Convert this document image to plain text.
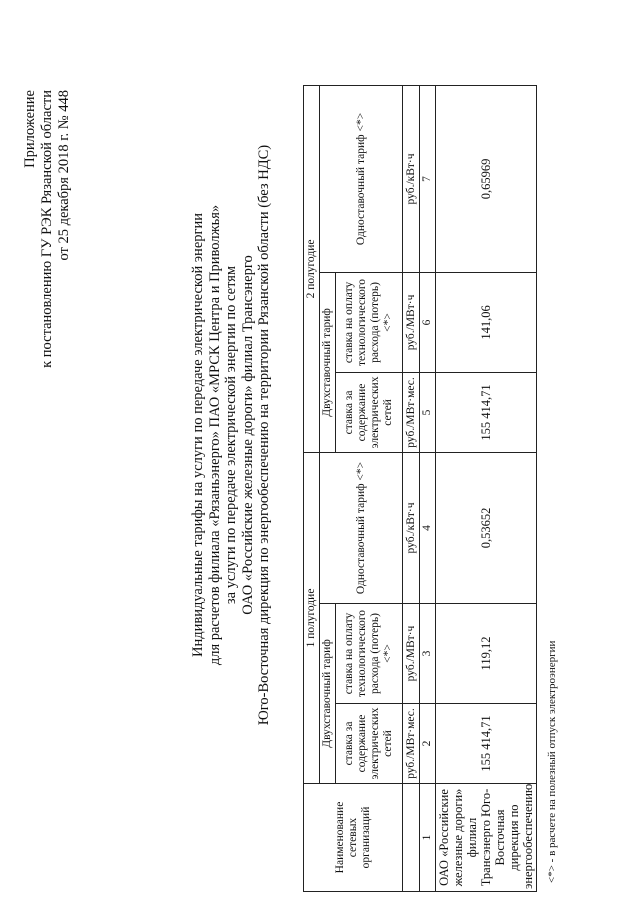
Приложение к постановлению ГУ РЭК Рязанской области от 25 декабря 2018 г. № 448
Индивидуальные тарифы на услуги по передаче электрической энергии для расчетов филиала «Рязаньэнерго» ПАО «МРСК Центра и Приволжья» за услуги по передаче электрической энергии по сетям ОАО «Российские железные дороги» филиал Трансэнерго Юго-Восточная дирекция по энергообеспечению на территории Рязанской области (без НДС)
Наименование сетевых организаций	1 полугодие			2 полугодие		
	Двухставочный тариф		Одноставочный тариф <*>	Двухставочный тариф		Одноставочный тариф <*>
	ставка за содержание электрических сетей	ставка на оплату технологического расхода (потерь) <*>		ставка за содержание электрических сетей	ставка на оплату технологического расхода (потерь) <*>	
	руб./МВт·мес.	руб./МВт·ч	руб./кВт·ч	руб./МВт·мес.	руб./МВт·ч	руб./кВт·ч
1	2	3	4	5	6	7
ОАО «Российские железные дороги» филиал Трансэнерго Юго-Восточная дирекция по энергообеспечению	155 414,71	119,12	0,53652	155 414,71	141,06	0,65969
<*> - в расчете на полезный отпуск электроэнергии
